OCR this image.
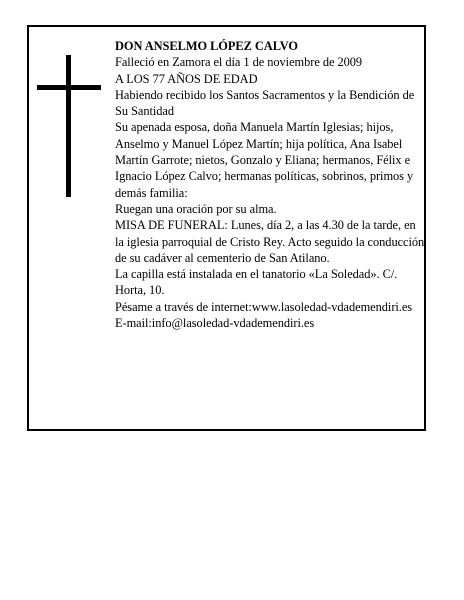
DON ANSELMO LÓPEZ CALVO

Falleció en Zamora el día 1 de noviembre de 2009

A LOS 77 AÑOS DE EDAD

Habiendo recibido los Santos Sacramentos y la Bendición de Su Santidad

Su apenada esposa, doña Manuela Martín Iglesias; hijos, Anselmo y Manuel López Martín; hija política, Ana Isabel Martín Garrote; nietos, Gonzalo y Eliana; hermanos, Félix e Ignacio López Calvo; hermanas políticas, sobrinos, primos y demás familia:

Ruegan una oración por su alma.

MISA DE FUNERAL: Lunes, día 2, a las 4.30 de la tarde, en la iglesia parroquial de Cristo Rey. Acto seguido la conducción de su cadáver al cementerio de San Atilano.

La capilla está instalada en el tanatorio «La Soledad». C/. Horta, 10.

Pésame a través de internet:www.lasoledad-vdademendiri.es

E-mail:info@lasoledad-vdademendiri.es
